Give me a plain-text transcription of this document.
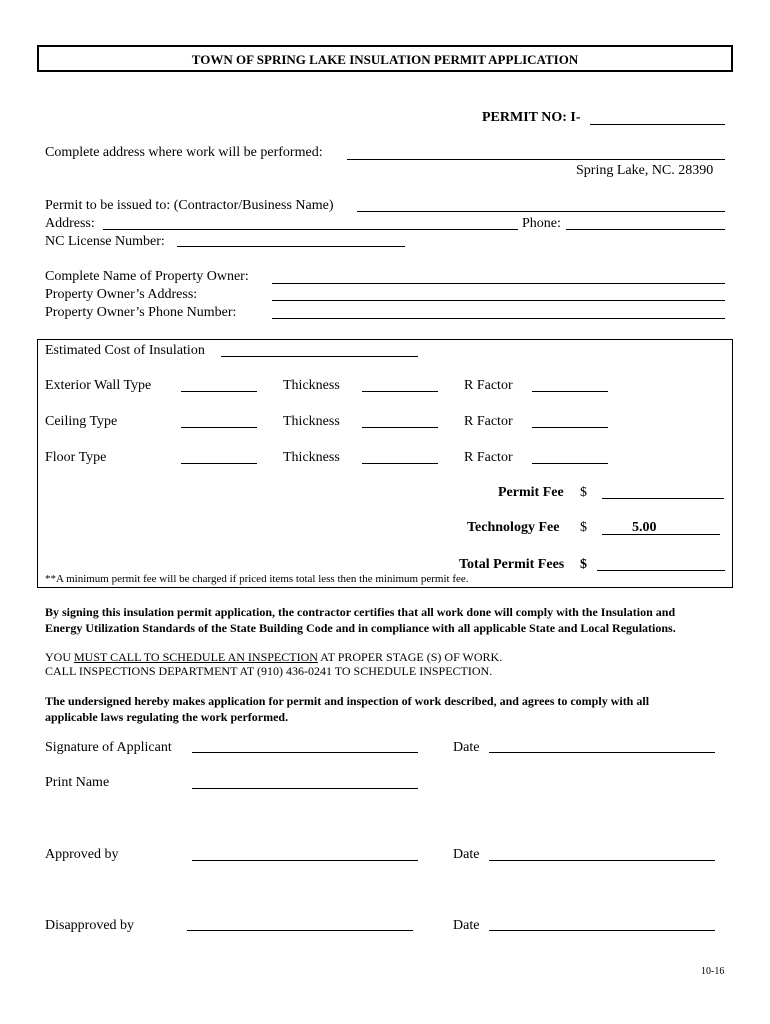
TOWN OF SPRING LAKE INSULATION PERMIT APPLICATION
PERMIT NO: I-
Complete address where work will be performed:
Spring Lake, NC. 28390
Permit to be issued to: (Contractor/Business Name)
Address:	Phone:
NC License Number:
Complete Name of Property Owner:
Property Owner’s Address:
Property Owner’s Phone Number:
Estimated Cost of Insulation
Exterior Wall Type	Thickness	R Factor
Ceiling Type	Thickness	R Factor
Floor Type	Thickness	R Factor
Permit Fee $
Technology Fee $	5.00
Total Permit Fees $
**A minimum permit fee will be charged if priced items total less then the minimum permit fee.
By signing this insulation permit application, the contractor certifies that all work done will comply with the Insulation and
Energy Utilization Standards of the State Building Code and in compliance with all applicable State and Local Regulations.
YOU MUST CALL TO SCHEDULE AN INSPECTION AT PROPER STAGE (S) OF WORK.
CALL INSPECTIONS DEPARTMENT AT (910) 436-0241 TO SCHEDULE INSPECTION.
The undersigned hereby makes application for permit and inspection of work described, and agrees to comply with all
applicable laws regulating the work performed.
Signature of Applicant	Date
Print Name
Approved by	Date
Disapproved by	Date
10-16
